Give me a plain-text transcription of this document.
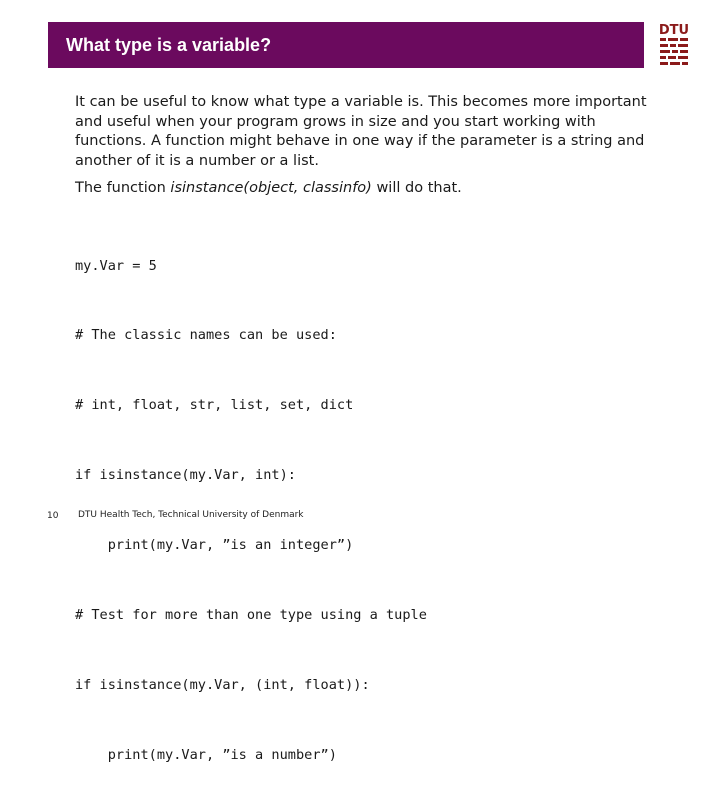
What type is a variable?
DTU
It can be useful to know what type a variable is. This becomes more important and useful when your program grows in size and you start working with functions. A function might behave in one way if the parameter is a string and another of it is a number or a list.
The function isinstance(object, classinfo) will do that.

my.Var = 5

# The classic names can be used:

# int, float, str, list, set, dict

if isinstance(my.Var, int):

print(my.Var, ”is an integer”)

# Test for more than one type using a tuple

if isinstance(my.Var, (int, float)):

print(my.Var, ”is a number”)

10 DTU Health Tech, Technical University of Denmark
